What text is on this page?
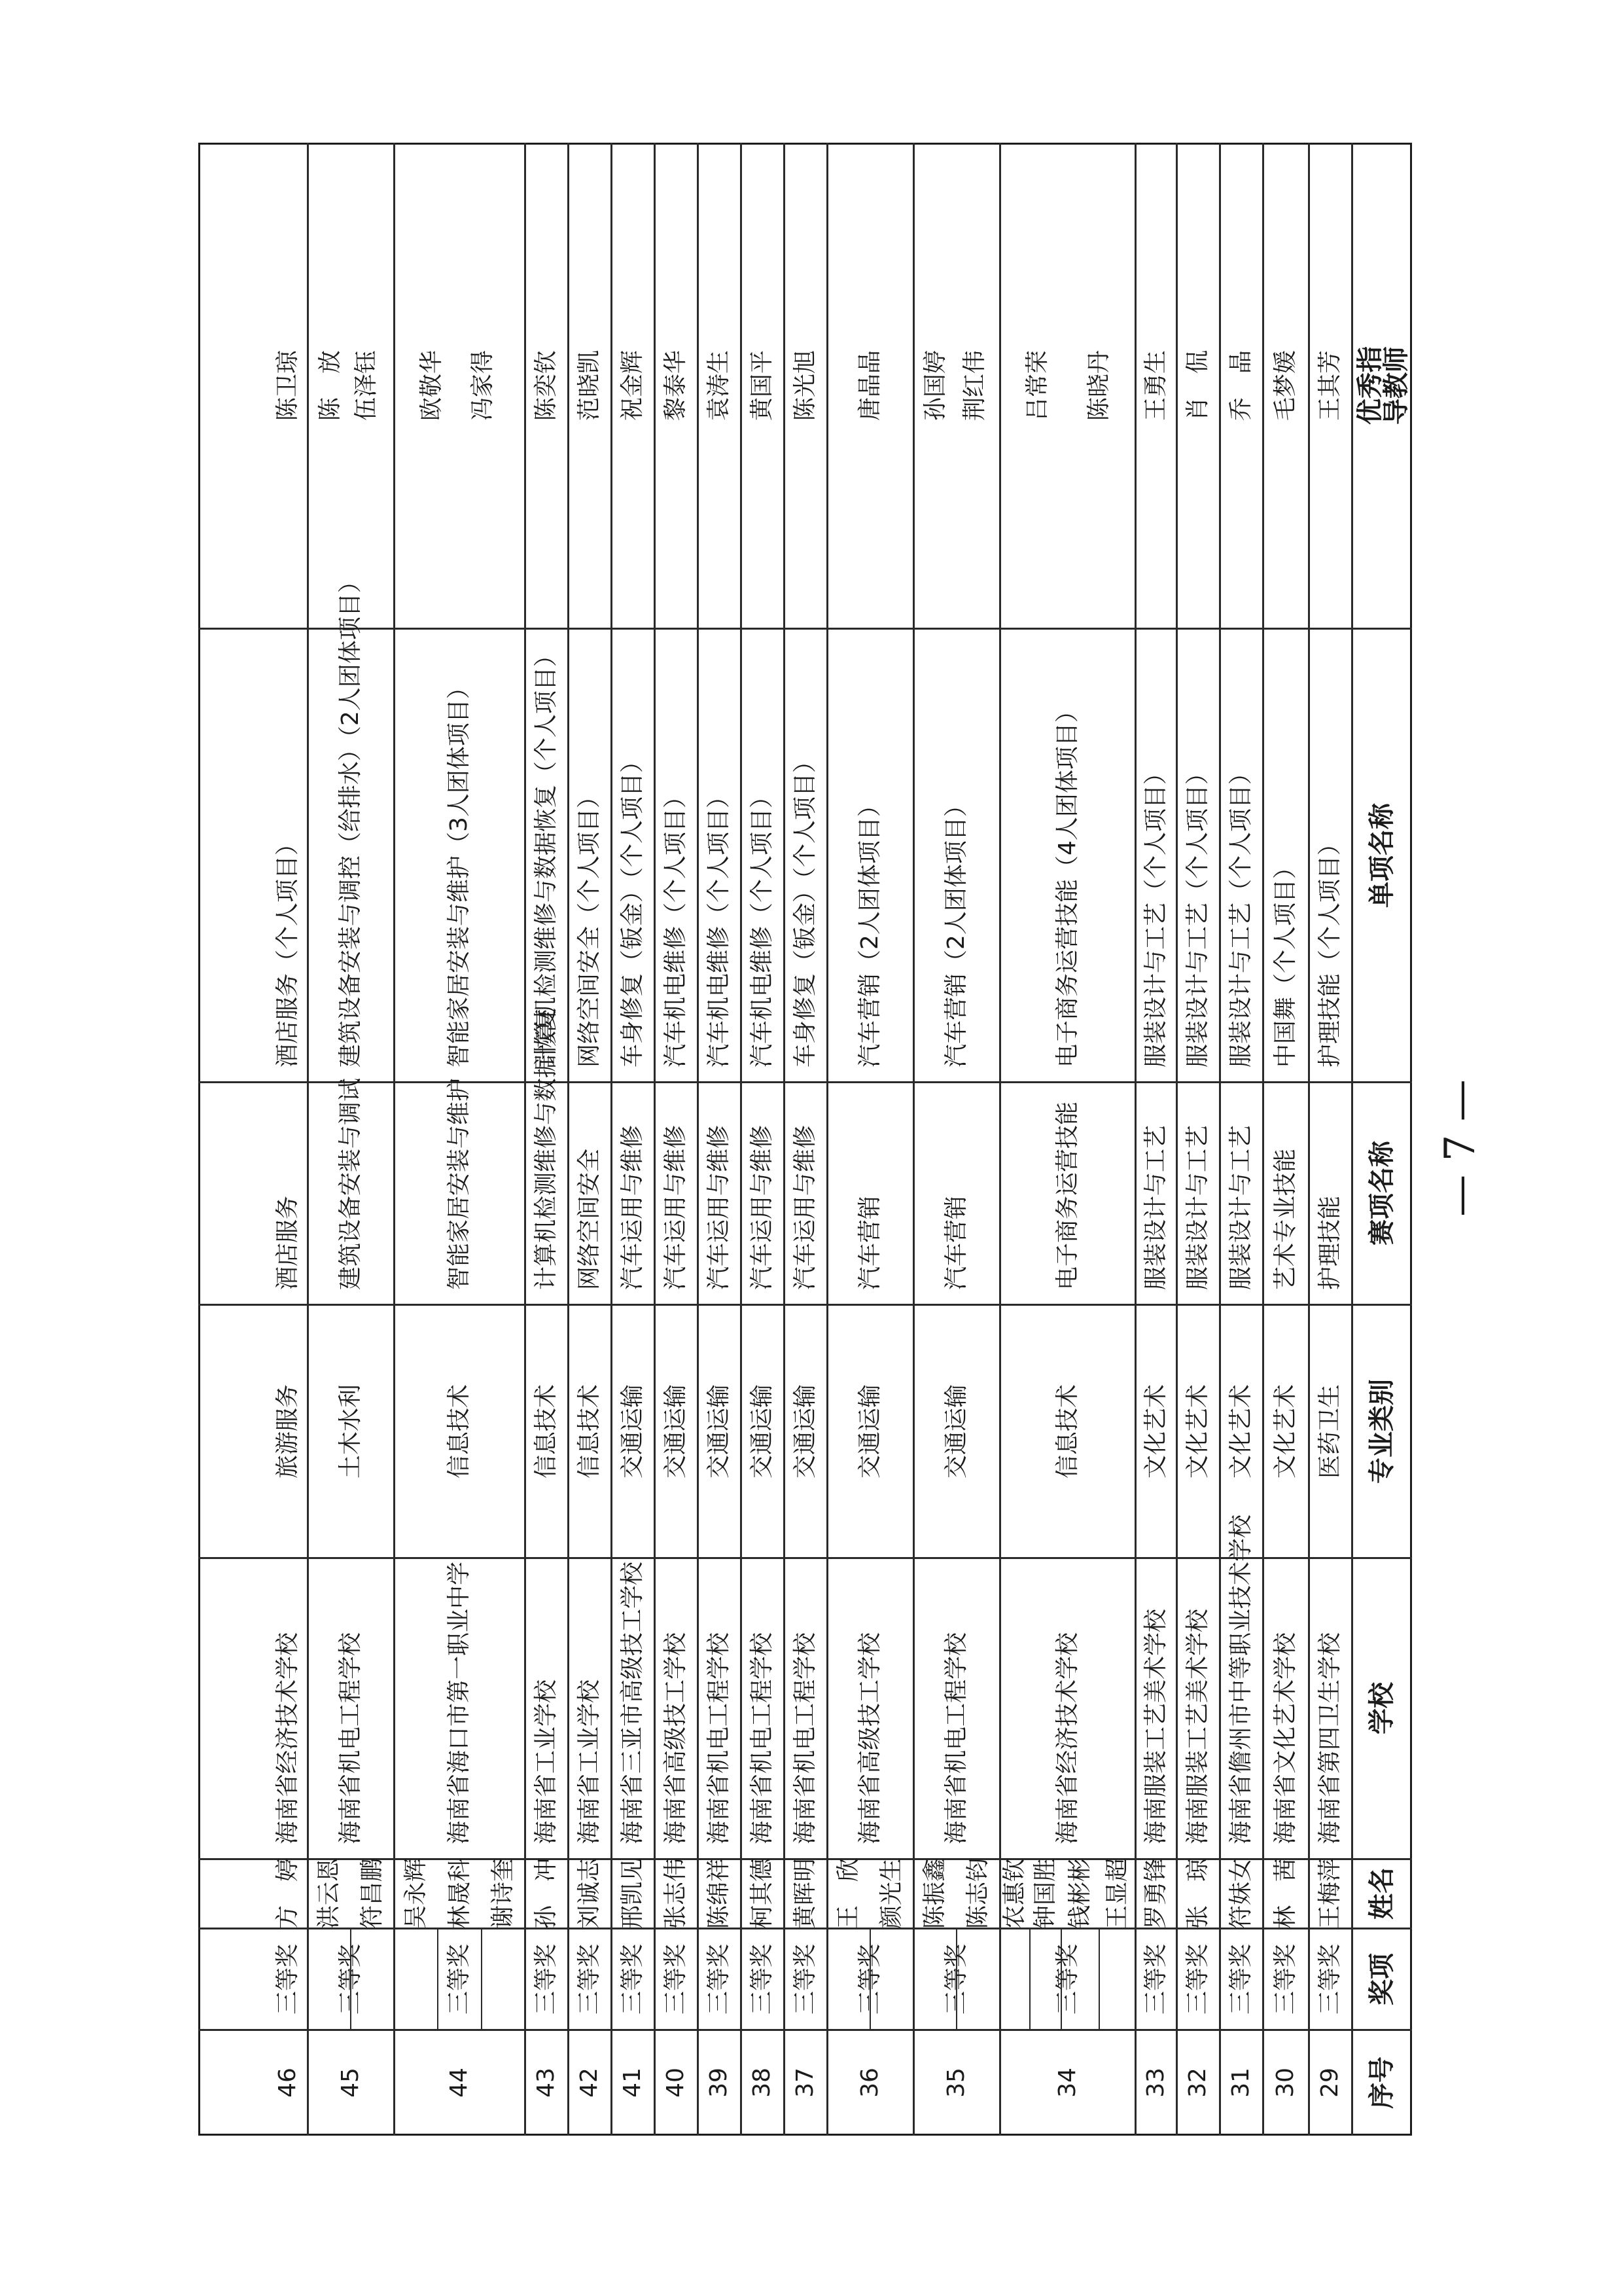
序号
奖项
姓名
学校
专业类别
赛项名称
单项名称
优秀指
导教师
29
三等奖
王梅萍
海南省第四卫生学校
医药卫生
护理技能
护理技能（个人项目）
王其芳
30
三等奖
林　茜
海南省文化艺术学校
文化艺术
艺术专业技能
中国舞（个人项目）
毛梦媛
31
三等奖
符妹女
海南省儋州市中等职业技术学校
文化艺术
服装设计与工艺
服装设计与工艺（个人项目）
乔　晶
32
三等奖
张　琼
海南服装工艺美术学校
文化艺术
服装设计与工艺
服装设计与工艺（个人项目）
肖　侃
33
三等奖
罗勇锋
海南服装工艺美术学校
文化艺术
服装设计与工艺
服装设计与工艺（个人项目）
王勇生
34
三等奖
王显超
钱彬彬
钟国胜
农惠钦
海南省经济技术学校
信息技术
电子商务运营技能
电子商务运营技能（4人团体项目）
陈晓丹
吕常荣
35
三等奖
陈志钧
陈振鑫
海南省机电工程学校
交通运输
汽车营销
汽车营销（2人团体项目）
荆红伟
孙国婷
36
三等奖
颜光生
王　欣
海南省高级技工学校
交通运输
汽车营销
汽车营销（2人团体项目）
唐晶晶
37
三等奖
黄晖明
海南省机电工程学校
交通运输
汽车运用与维修
车身修复（钣金）（个人项目）
陈光旭
38
三等奖
柯其德
海南省机电工程学校
交通运输
汽车运用与维修
汽车机电维修（个人项目）
黄国平
39
三等奖
陈绵祥
海南省机电工程学校
交通运输
汽车运用与维修
汽车机电维修（个人项目）
袁涛生
40
三等奖
张志伟
海南省高级技工学校
交通运输
汽车运用与维修
汽车机电维修（个人项目）
黎泰华
41
三等奖
邢凯见
海南省三亚市高级技工学校
交通运输
汽车运用与维修
车身修复（钣金）（个人项目）
祝金辉
42
三等奖
刘诚志
海南省工业学校
信息技术
网络空间安全
网络空间安全（个人项目）
范晓凯
43
三等奖
孙　冲
海南省工业学校
信息技术
计算机检测维修与数据恢复
计算机检测维修与数据恢复（个人项目）
陈奕钦
44
三等奖
谢诗奎
林晟科
吴永辉
海南省海口市第一职业中学
信息技术
智能家居安装与维护
智能家居安装与维护（3人团体项目）
冯家得
欧敬华
45
三等奖
符昌鹏
洪云恩
海南省机电工程学校
土木水利
建筑设备安装与调试
建筑设备安装与调控（给排水）（2人团体项目）
伍泽钰
陈　放
46
三等奖
方　婷
海南省经济技术学校
旅游服务
酒店服务
酒店服务（个人项目）
陈卫琼
— 7 —
